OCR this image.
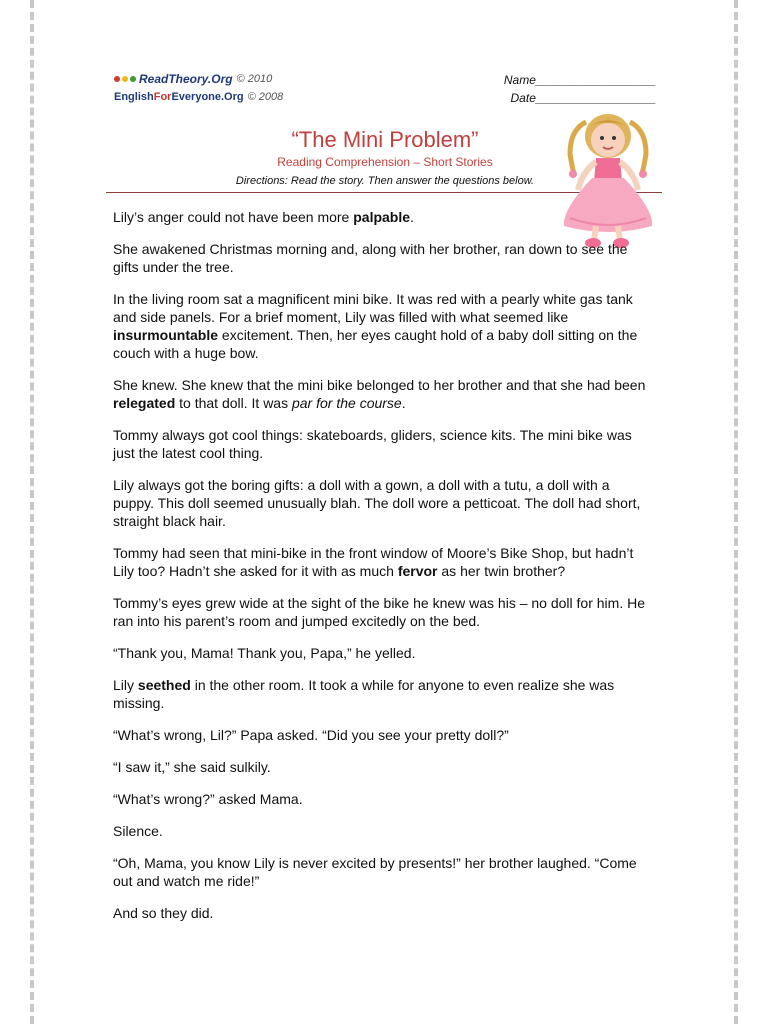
ReadTheory.Org © 2010
EnglishForEveryone.Org © 2008
Name__________________
Date__________________
“The Mini Problem”
Reading Comprehension – Short Stories
Directions: Read the story. Then answer the questions below.

Lily’s anger could not have been more palpable.

She awakened Christmas morning and, along with her brother, ran down to see the gifts under the tree.

In the living room sat a magnificent mini bike. It was red with a pearly white gas tank and side panels. For a brief moment, Lily was filled with what seemed like insurmountable excitement. Then, her eyes caught hold of a baby doll sitting on the couch with a huge bow.

She knew. She knew that the mini bike belonged to her brother and that she had been relegated to that doll. It was par for the course.

Tommy always got cool things: skateboards, gliders, science kits. The mini bike was just the latest cool thing.

Lily always got the boring gifts: a doll with a gown, a doll with a tutu, a doll with a puppy. This doll seemed unusually blah. The doll wore a petticoat. The doll had short, straight black hair.

Tommy had seen that mini-bike in the front window of Moore’s Bike Shop, but hadn’t Lily too? Hadn’t she asked for it with as much fervor as her twin brother?

Tommy’s eyes grew wide at the sight of the bike he knew was his – no doll for him. He ran into his parent’s room and jumped excitedly on the bed.

“Thank you, Mama! Thank you, Papa,” he yelled.

Lily seethed in the other room. It took a while for anyone to even realize she was missing.

“What’s wrong, Lil?” Papa asked. “Did you see your pretty doll?”

“I saw it,” she said sulkily.

“What’s wrong?” asked Mama.

Silence.

“Oh, Mama, you know Lily is never excited by presents!” her brother laughed. “Come out and watch me ride!”

And so they did.
